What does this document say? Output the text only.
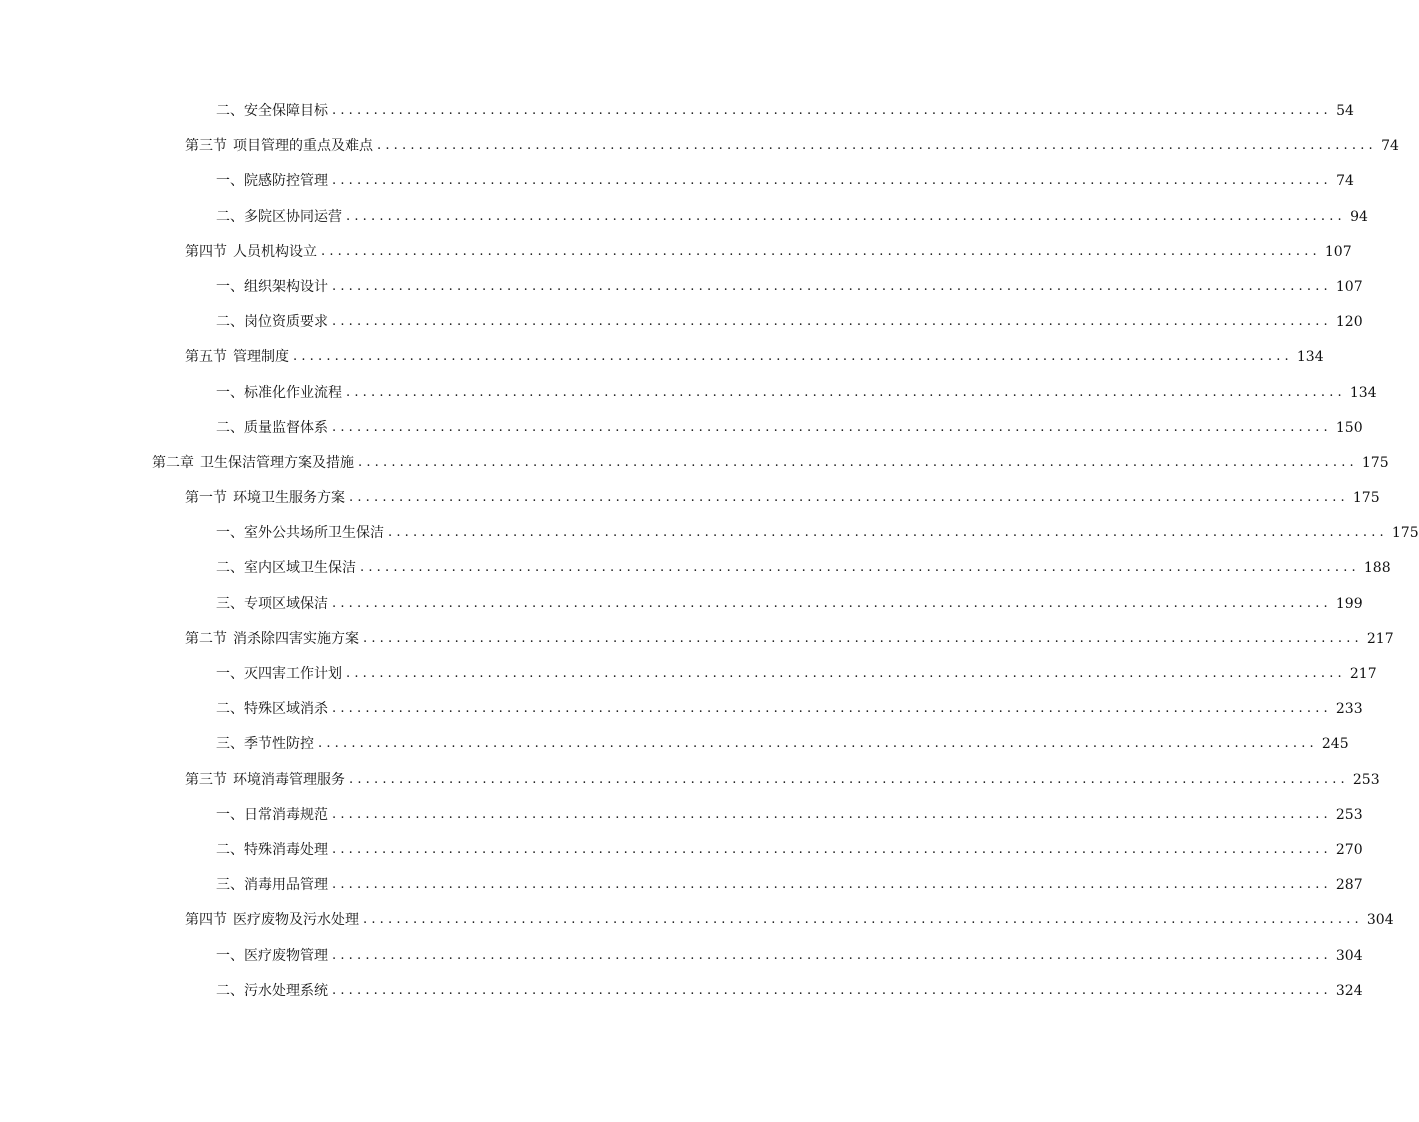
二、 安全保障目标 ........................................................................................................................ 54
第三节 项目管理的重点及难点 ........................................................................................................................ 74
一、 院感防控管理 ........................................................................................................................ 74
二、 多院区协同运营 ........................................................................................................................ 94
第四节 人员机构设立 ........................................................................................................................ 107
一、 组织架构设计 ........................................................................................................................ 107
二、 岗位资质要求 ........................................................................................................................ 120
第五节 管理制度 ........................................................................................................................ 134
一、 标准化作业流程 ........................................................................................................................ 134
二、 质量监督体系 ........................................................................................................................ 150
第二章 卫生保洁管理方案及措施 ........................................................................................................................ 175
第一节 环境卫生服务方案 ........................................................................................................................ 175
一、 室外公共场所卫生保洁 ........................................................................................................................ 175
二、 室内区域卫生保洁 ........................................................................................................................ 188
三、 专项区域保洁 ........................................................................................................................ 199
第二节 消杀除四害实施方案 ........................................................................................................................ 217
一、 灭四害工作计划 ........................................................................................................................ 217
二、 特殊区域消杀 ........................................................................................................................ 233
三、 季节性防控 ........................................................................................................................ 245
第三节 环境消毒管理服务 ........................................................................................................................ 253
一、 日常消毒规范 ........................................................................................................................ 253
二、 特殊消毒处理 ........................................................................................................................ 270
三、 消毒用品管理 ........................................................................................................................ 287
第四节 医疗废物及污水处理 ........................................................................................................................ 304
一、 医疗废物管理 ........................................................................................................................ 304
二、 污水处理系统 ........................................................................................................................ 324
